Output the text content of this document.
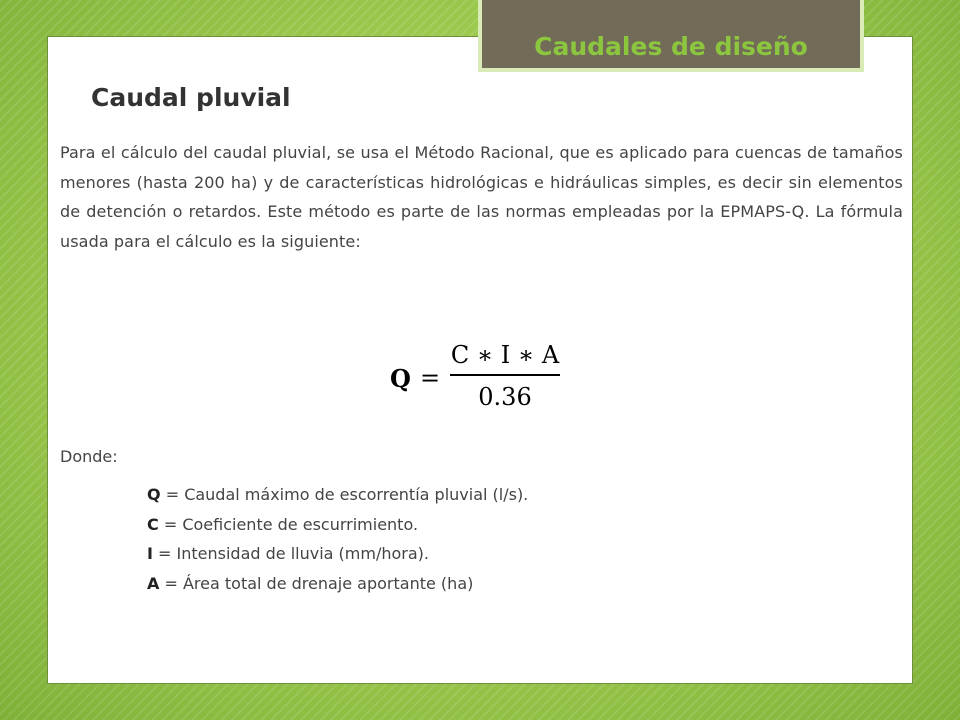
Caudales de diseño
Caudal pluvial

Para el cálculo del caudal pluvial, se usa el Método Racional, que es aplicado para cuencas de tamaños menores (hasta 200 ha) y de características hidrológicas e hidráulicas simples, es decir sin elementos de detención o retardos. Este método es parte de las normas empleadas por la EPMAPS-Q. La fórmula usada para el cálculo es la siguiente:

Q =
C ∗ I ∗ A
0.36
Donde:
Q = Caudal máximo de escorrentía pluvial (l/s).
C = Coeficiente de escurrimiento.
I = Intensidad de lluvia (mm/hora).
A = Área total de drenaje aportante (ha)
